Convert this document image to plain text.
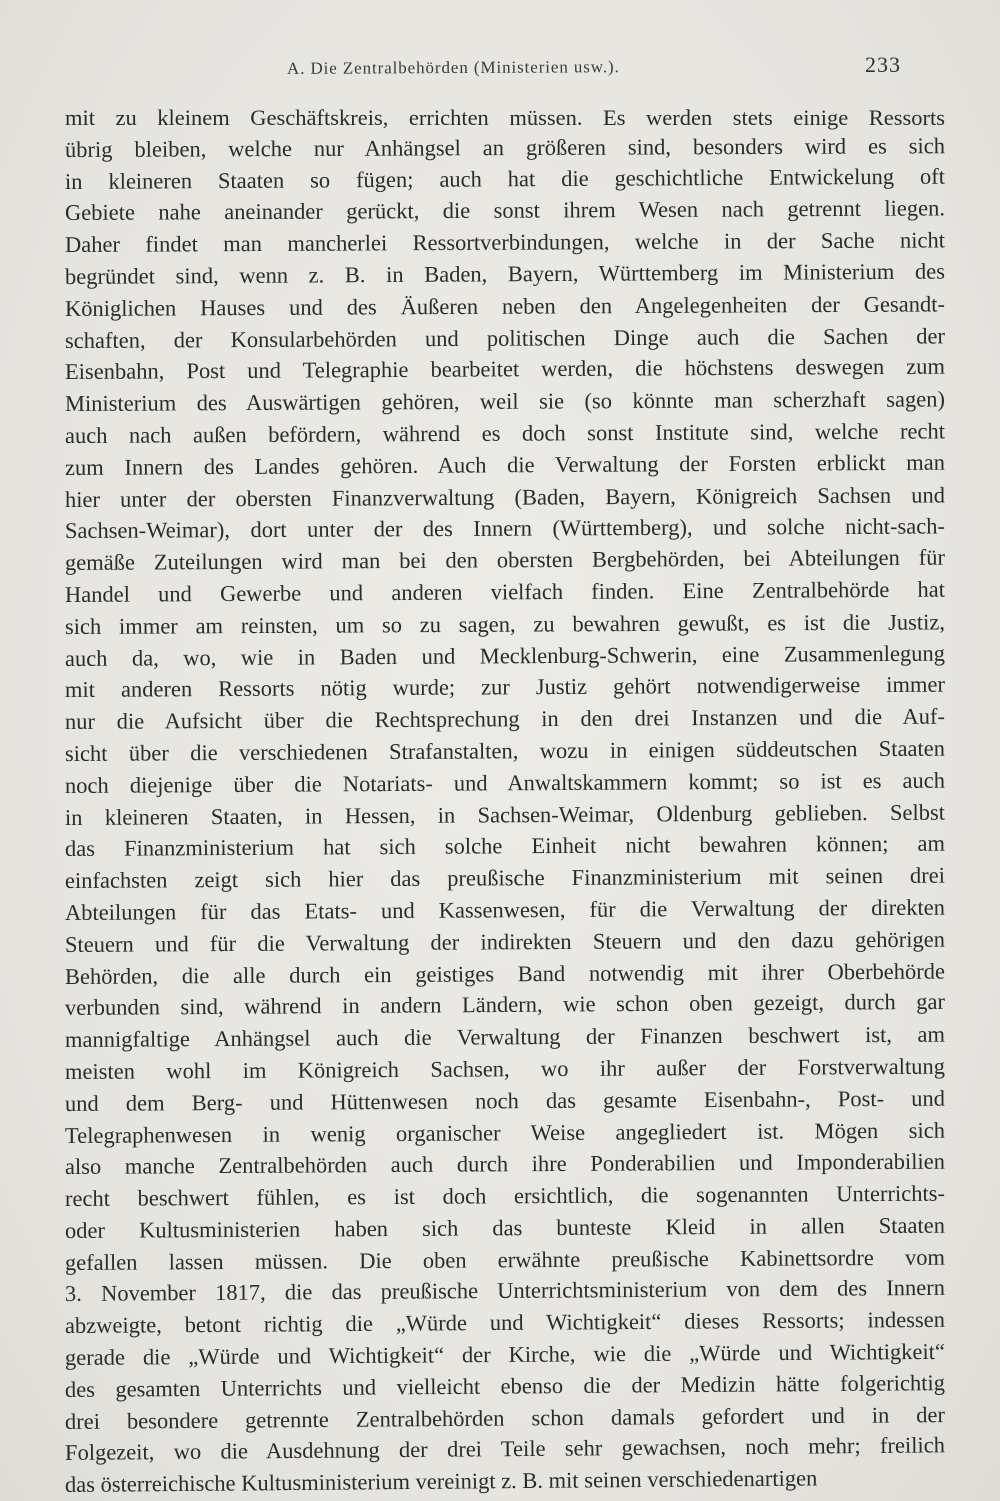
A. Die Zentralbehörden (Ministerien usw.).	233
mit zu kleinem Geschäftskreis, errichten müssen. Es werden stets einige Ressorts
übrig bleiben, welche nur Anhängsel an größeren sind, besonders wird es sich
in kleineren Staaten so fügen; auch hat die geschichtliche Entwickelung oft
Gebiete nahe aneinander gerückt, die sonst ihrem Wesen nach getrennt liegen.
Daher findet man mancherlei Ressortverbindungen, welche in der Sache nicht
begründet sind, wenn z. B. in Baden, Bayern, Württemberg im Ministerium des
Königlichen Hauses und des Äußeren neben den Angelegenheiten der Gesandt-
schaften, der Konsularbehörden und politischen Dinge auch die Sachen der
Eisenbahn, Post und Telegraphie bearbeitet werden, die höchstens deswegen zum
Ministerium des Auswärtigen gehören, weil sie (so könnte man scherzhaft sagen)
auch nach außen befördern, während es doch sonst Institute sind, welche recht
zum Innern des Landes gehören. Auch die Verwaltung der Forsten erblickt man
hier unter der obersten Finanzverwaltung (Baden, Bayern, Königreich Sachsen und
Sachsen-Weimar), dort unter der des Innern (Württemberg), und solche nicht-sach-
gemäße Zuteilungen wird man bei den obersten Bergbehörden, bei Abteilungen für
Handel und Gewerbe und anderen vielfach finden. Eine Zentralbehörde hat
sich immer am reinsten, um so zu sagen, zu bewahren gewußt, es ist die Justiz,
auch da, wo, wie in Baden und Mecklenburg-Schwerin, eine Zusammenlegung
mit anderen Ressorts nötig wurde; zur Justiz gehört notwendigerweise immer
nur die Aufsicht über die Rechtsprechung in den drei Instanzen und die Auf-
sicht über die verschiedenen Strafanstalten, wozu in einigen süddeutschen Staaten
noch diejenige über die Notariats- und Anwaltskammern kommt; so ist es auch
in kleineren Staaten, in Hessen, in Sachsen-Weimar, Oldenburg geblieben. Selbst
das Finanzministerium hat sich solche Einheit nicht bewahren können; am
einfachsten zeigt sich hier das preußische Finanzministerium mit seinen drei
Abteilungen für das Etats- und Kassenwesen, für die Verwaltung der direkten
Steuern und für die Verwaltung der indirekten Steuern und den dazu gehörigen
Behörden, die alle durch ein geistiges Band notwendig mit ihrer Oberbehörde
verbunden sind, während in andern Ländern, wie schon oben gezeigt, durch gar
mannigfaltige Anhängsel auch die Verwaltung der Finanzen beschwert ist, am
meisten wohl im Königreich Sachsen, wo ihr außer der Forstverwaltung
und dem Berg- und Hüttenwesen noch das gesamte Eisenbahn-, Post- und
Telegraphenwesen in wenig organischer Weise angegliedert ist. Mögen sich
also manche Zentralbehörden auch durch ihre Ponderabilien und Imponderabilien
recht beschwert fühlen, es ist doch ersichtlich, die sogenannten Unterrichts-
oder Kultusministerien haben sich das bunteste Kleid in allen Staaten
gefallen lassen müssen. Die oben erwähnte preußische Kabinettsordre vom
3. November 1817, die das preußische Unterrichtsministerium von dem des Innern
abzweigte, betont richtig die „Würde und Wichtigkeit“ dieses Ressorts; indessen
gerade die „Würde und Wichtigkeit“ der Kirche, wie die „Würde und Wichtigkeit“
des gesamten Unterrichts und vielleicht ebenso die der Medizin hätte folgerichtig
drei besondere getrennte Zentralbehörden schon damals gefordert und in der
Folgezeit, wo die Ausdehnung der drei Teile sehr gewachsen, noch mehr; freilich
das österreichische Kultusministerium vereinigt z. B. mit seinen verschiedenartigen
